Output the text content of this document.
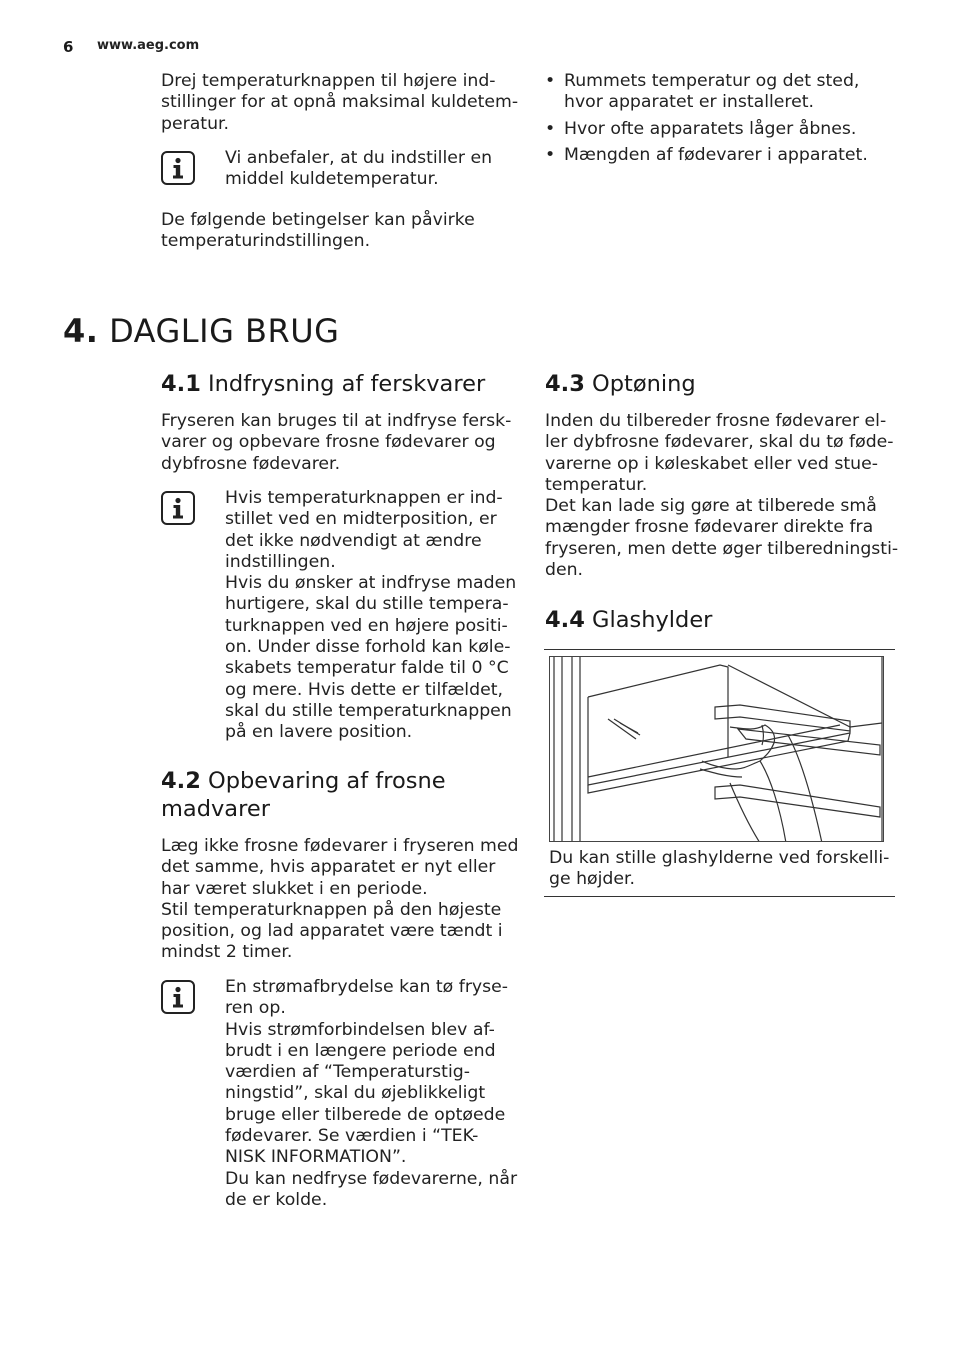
6 www.aeg.com
Drej temperaturknappen til højere ind-
stillinger for at opnå maksimal kuldetem-
peratur.
Vi anbefaler, at du indstiller en
middel kuldetemperatur.
De følgende betingelser kan påvirke
temperaturindstillingen.
• Rummets temperatur og det sted,
hvor apparatet er installeret.
• Hvor ofte apparatets låger åbnes.
• Mængden af fødevarer i apparatet.
4. DAGLIG BRUG
4.1 Indfrysning af ferskvarer
Fryseren kan bruges til at indfryse fersk-
varer og opbevare frosne fødevarer og
dybfrosne fødevarer.
Hvis temperaturknappen er ind-
stillet ved en midterposition, er
det ikke nødvendigt at ændre
indstillingen.
Hvis du ønsker at indfryse maden
hurtigere, skal du stille tempera-
turknappen ved en højere positi-
on. Under disse forhold kan køle-
skabets temperatur falde til 0 °C
og mere. Hvis dette er tilfældet,
skal du stille temperaturknappen
på en lavere position.
4.2 Opbevaring af frosne
madvarer
Læg ikke frosne fødevarer i fryseren med
det samme, hvis apparatet er nyt eller
har været slukket i en periode.
Stil temperaturknappen på den højeste
position, og lad apparatet være tændt i
mindst 2 timer.
En strømafbrydelse kan tø fryse-
ren op.
Hvis strømforbindelsen blev af-
brudt i en længere periode end
værdien af “Temperaturstig-
ningstid”, skal du øjeblikkeligt
bruge eller tilberede de optøede
fødevarer. Se værdien i “TEK-
NISK INFORMATION”.
Du kan nedfryse fødevarerne, når
de er kolde.
4.3 Optøning
Inden du tilbereder frosne fødevarer el-
ler dybfrosne fødevarer, skal du tø føde-
varerne op i køleskabet eller ved stue-
temperatur.
Det kan lade sig gøre at tilberede små
mængder frosne fødevarer direkte fra
fryseren, men dette øger tilberedningsti-
den.
4.4 Glashylder
Du kan stille glashylderne ved forskelli-
ge højder.
